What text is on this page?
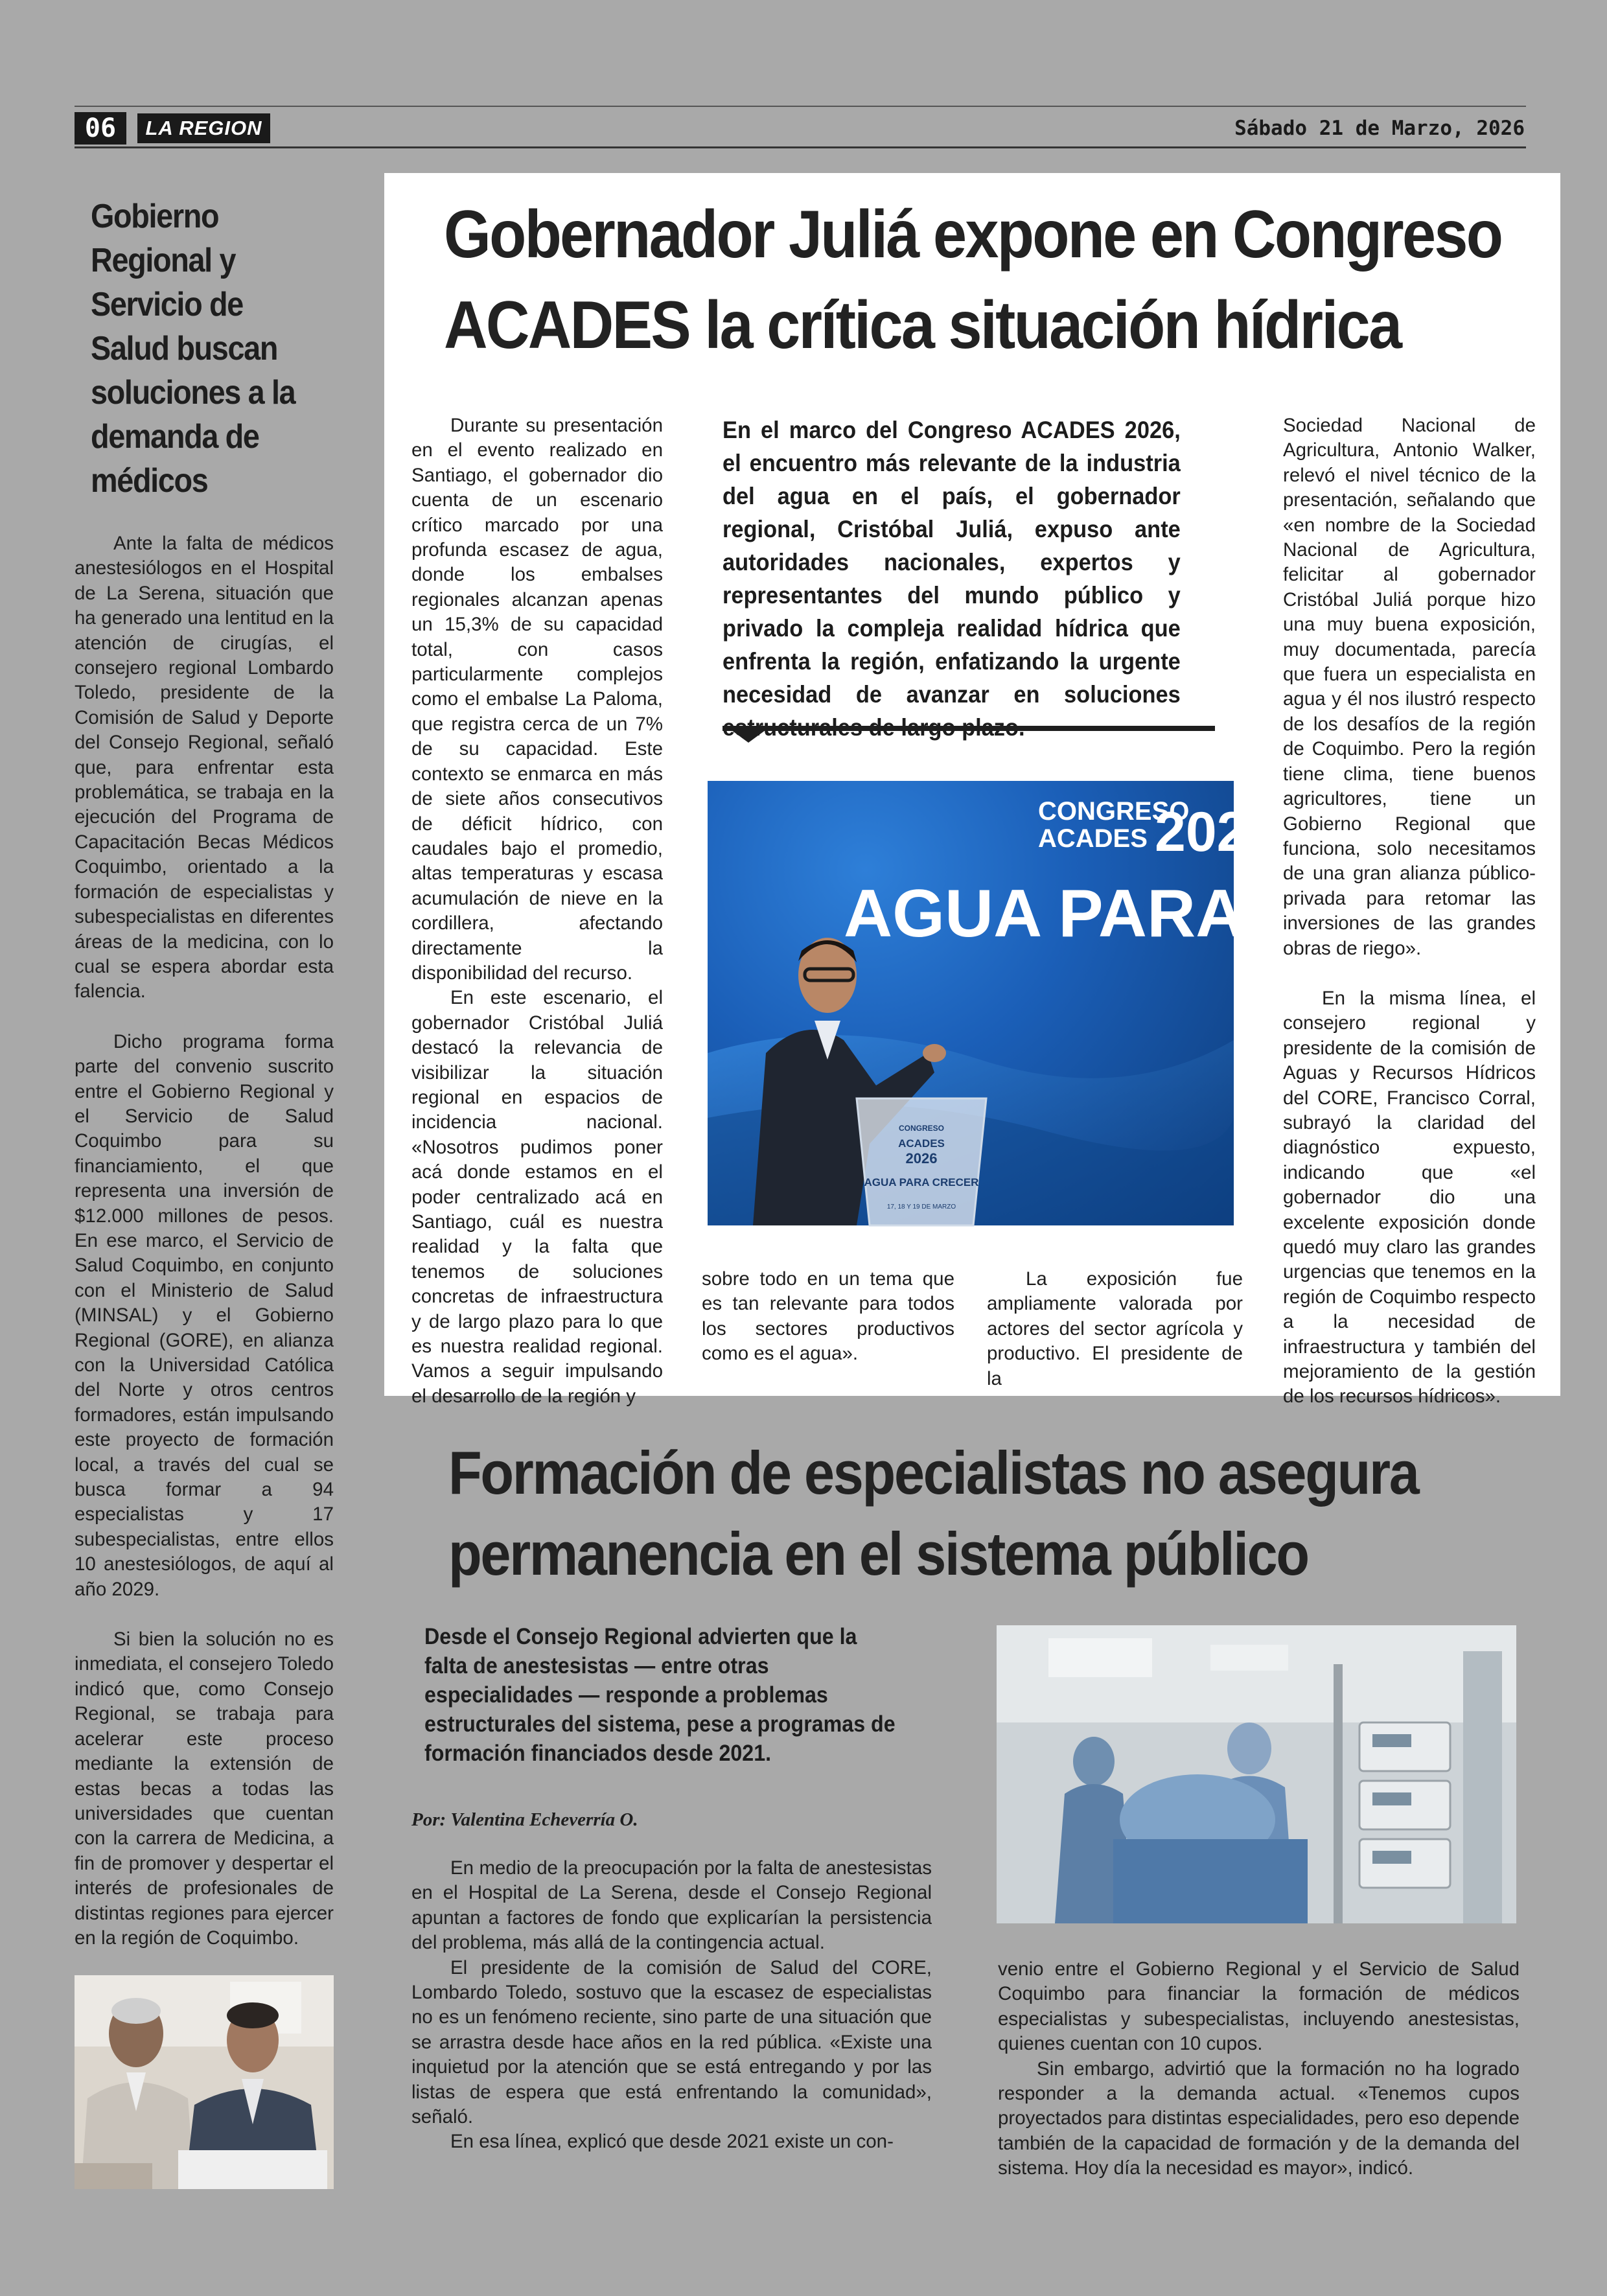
06	LA REGION	Sábado 21 de Marzo, 2026
Gobierno Regional y Servicio de Salud buscan soluciones a la demanda de médicos

Ante la falta de médicos anestesiólogos en el Hospital de La Serena, situación que ha generado una lentitud en la atención de cirugías, el consejero regional Lombardo Toledo, presidente de la Comisión de Salud y Deporte del Consejo Regional, señaló que, para enfrentar esta problemática, se trabaja en la ejecución del Programa de Capacitación Becas Médicos Coquimbo, orientado a la formación de especialistas y subespecialistas en diferentes áreas de la medicina, con lo cual se espera abordar esta falencia.

Dicho programa forma parte del convenio suscrito entre el Gobierno Regional y el Servicio de Salud Coquimbo para su financiamiento, el que representa una inversión de $12.000 millones de pesos. En ese marco, el Servicio de Salud Coquimbo, en conjunto con el Ministerio de Salud (MINSAL) y el Gobierno Regional (GORE), en alianza con la Universidad Católica del Norte y otros centros formadores, están impulsando este proyecto de formación local, a través del cual se busca formar a 94 especialistas y 17 subespecialistas, entre ellos 10 anestesiólogos, de aquí al año 2029.

Si bien la solución no es inmediata, el consejero Toledo indicó que, como Consejo Regional, se trabaja para acelerar este proceso mediante la extensión de estas becas a todas las universidades que cuentan con la carrera de Medicina, a fin de promover y despertar el interés de profesionales de distintas regiones para ejercer en la región de Coquimbo.

Gobernador Juliá expone en Congreso
ACADES la crítica situación hídrica

Durante su presentación en el evento realizado en Santiago, el gobernador dio cuenta de un escenario crítico marcado por una profunda escasez de agua, donde los embalses regionales alcanzan apenas un 15,3% de su capacidad total, con casos particularmente complejos como el embalse La Paloma, que registra cerca de un 7% de su capacidad. Este contexto se enmarca en más de siete años consecutivos de déficit hídrico, con caudales bajo el promedio, altas temperaturas y escasa acumulación de nieve en la cordillera, afectando directamente la disponibilidad del recurso.

En este escenario, el gobernador Cristóbal Juliá destacó la relevancia de visibilizar la situación regional en espacios de incidencia nacional. «Nosotros pudimos poner acá donde estamos en el poder centralizado acá en Santiago, cuál es nuestra realidad y la falta que tenemos de soluciones concretas de infraestructura y de largo plazo para lo que es nuestra realidad regional. Vamos a seguir impulsando el desarrollo de la región y

En el marco del Congreso ACADES 2026, el encuentro más relevante de la industria del agua en el país, el gobernador regional, Cristóbal Juliá, expuso ante autoridades nacionales, expertos y representantes del mundo público y privado la compleja realidad hídrica que enfrenta la región, enfatizando la urgente necesidad de avanzar en soluciones
CONGRESO
ACADES 2026
AGUA PARA
CONGRESO
ACADES
2026
AGUA PARA CRECER
17, 18 Y 19 DE MARZO

sobre todo en un tema que es tan relevante para todos los sectores productivos como es el agua».

La exposición fue ampliamente valorada por actores del sector agrícola y productivo. El presidente de la

Sociedad Nacional de Agricultura, Antonio Walker, relevó el nivel técnico de la presentación, señalando que «en nombre de la Sociedad Nacional de Agricultura, felicitar al gobernador Cristóbal Juliá porque hizo una muy buena exposición, muy documentada, parecía que fuera un especialista en agua y él nos ilustró respecto de los desafíos de la región de Coquimbo. Pero la región tiene clima, tiene buenos agricultores, tiene un Gobierno Regional que funciona, solo necesitamos de una gran alianza público-privada para retomar las inversiones de las grandes obras de riego».

En la misma línea, el consejero regional y presidente de la comisión de Aguas y Recursos Hídricos del CORE, Francisco Corral, subrayó la claridad del diagnóstico expuesto, indicando que «el gobernador dio una excelente exposición donde quedó muy claro las grandes urgencias que tenemos en la región de Coquimbo respecto a la necesidad de infraestructura y también del mejoramiento de la gestión de los recursos hídricos».

Formación de especialistas no asegura
permanencia en el sistema público
Desde el Consejo Regional advierten que la falta de anestesistas — entre otras especialidades — responde a problemas estructurales del sistema, pese a programas de formación financiados desde 2021.
Por: Valentina Echeverría O.

En medio de la preocupación por la falta de anestesistas en el Hospital de La Serena, desde el Consejo Regional apuntan a factores de fondo que explicarían la persistencia del problema, más allá de la contingencia actual.

El presidente de la comisión de Salud del CORE, Lombardo Toledo, sostuvo que la escasez de especialistas no es un fenómeno reciente, sino parte de una situación que se arrastra desde hace años en la red pública. «Existe una inquietud por la atención que se está entregando y por las listas de espera que está enfrentando la comunidad», señaló.

En esa línea, explicó que desde 2021 existe un con-

venio entre el Gobierno Regional y el Servicio de Salud Coquimbo para financiar la formación de médicos especialistas y subespecialistas, incluyendo anestesistas, quienes cuentan con 10 cupos.

Sin embargo, advirtió que la formación no ha logrado responder a la demanda actual. «Tenemos cupos proyectados para distintas especialidades, pero eso depende también de la capacidad de formación y de la demanda del sistema. Hoy día la necesidad es mayor», indicó.
